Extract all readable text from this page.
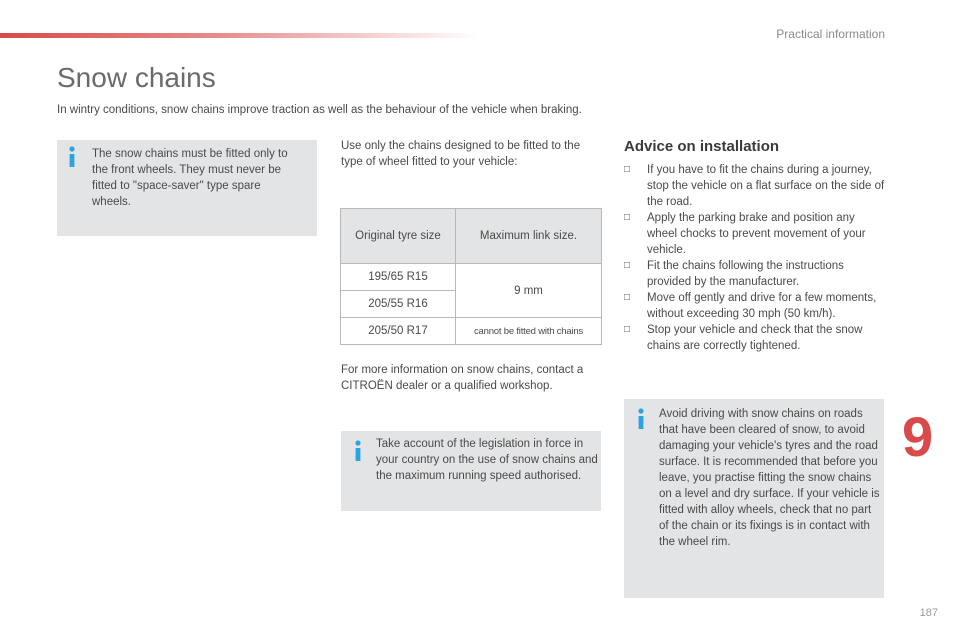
Practical information
Snow chains
In wintry conditions, snow chains improve traction as well as the behaviour of the vehicle when braking.
The snow chains must be fitted only to the front wheels. They must never be fitted to "space-saver" type spare wheels.
Use only the chains designed to be fitted to the type of wheel fitted to your vehicle:
Original tyre size	Maximum link size.
195/65 R15	9 mm
205/55 R16	
205/50 R17	cannot be fitted with chains
For more information on snow chains, contact a CITROËN dealer or a qualified workshop.
Take account of the legislation in force in your country on the use of snow chains and the maximum running speed authorised.
Advice on installation
□ If you have to fit the chains during a journey, stop the vehicle on a flat surface on the side of the road.
□ Apply the parking brake and position any wheel chocks to prevent movement of your vehicle.
□ Fit the chains following the instructions provided by the manufacturer.
□ Move off gently and drive for a few moments, without exceeding 30 mph (50 km/h).
□ Stop your vehicle and check that the snow chains are correctly tightened.
Avoid driving with snow chains on roads that have been cleared of snow, to avoid damaging your vehicle's tyres and the road surface. It is recommended that before you leave, you practise fitting the snow chains on a level and dry surface. If your vehicle is fitted with alloy wheels, check that no part of the chain or its fixings is in contact with the wheel rim.
9
187
